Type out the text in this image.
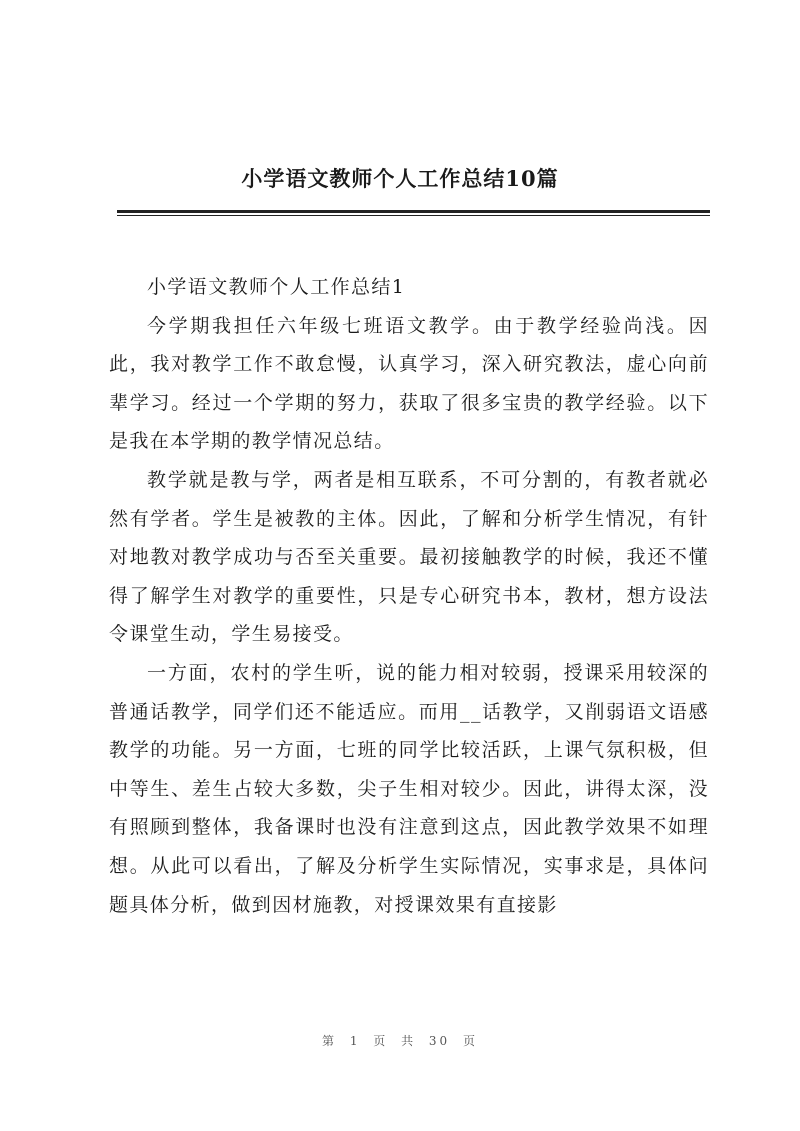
小学语文教师个人工作总结10篇

小学语文教师个人工作总结1

今学期我担任六年级七班语文教学。由于教学经验尚浅。因此，我对教学工作不敢怠慢，认真学习，深入研究教法，虚心向前辈学习。经过一个学期的努力，获取了很多宝贵的教学经验。以下是我在本学期的教学情况总结。

教学就是教与学，两者是相互联系，不可分割的，有教者就必然有学者。学生是被教的主体。因此，了解和分析学生情况，有针对地教对教学成功与否至关重要。最初接触教学的时候，我还不懂得了解学生对教学的重要性，只是专心研究书本，教材，想方设法令课堂生动，学生易接受。

一方面，农村的学生听，说的能力相对较弱，授课采用较深的普通话教学，同学们还不能适应。而用__话教学，又削弱语文语感教学的功能。另一方面，七班的同学比较活跃，上课气氛积极，但中等生、差生占较大多数，尖子生相对较少。因此，讲得太深，没有照顾到整体，我备课时也没有注意到这点，因此教学效果不如理想。从此可以看出，了解及分析学生实际情况，实事求是，具体问题具体分析，做到因材施教，对授课效果有直接影

第 1 页 共 30 页
